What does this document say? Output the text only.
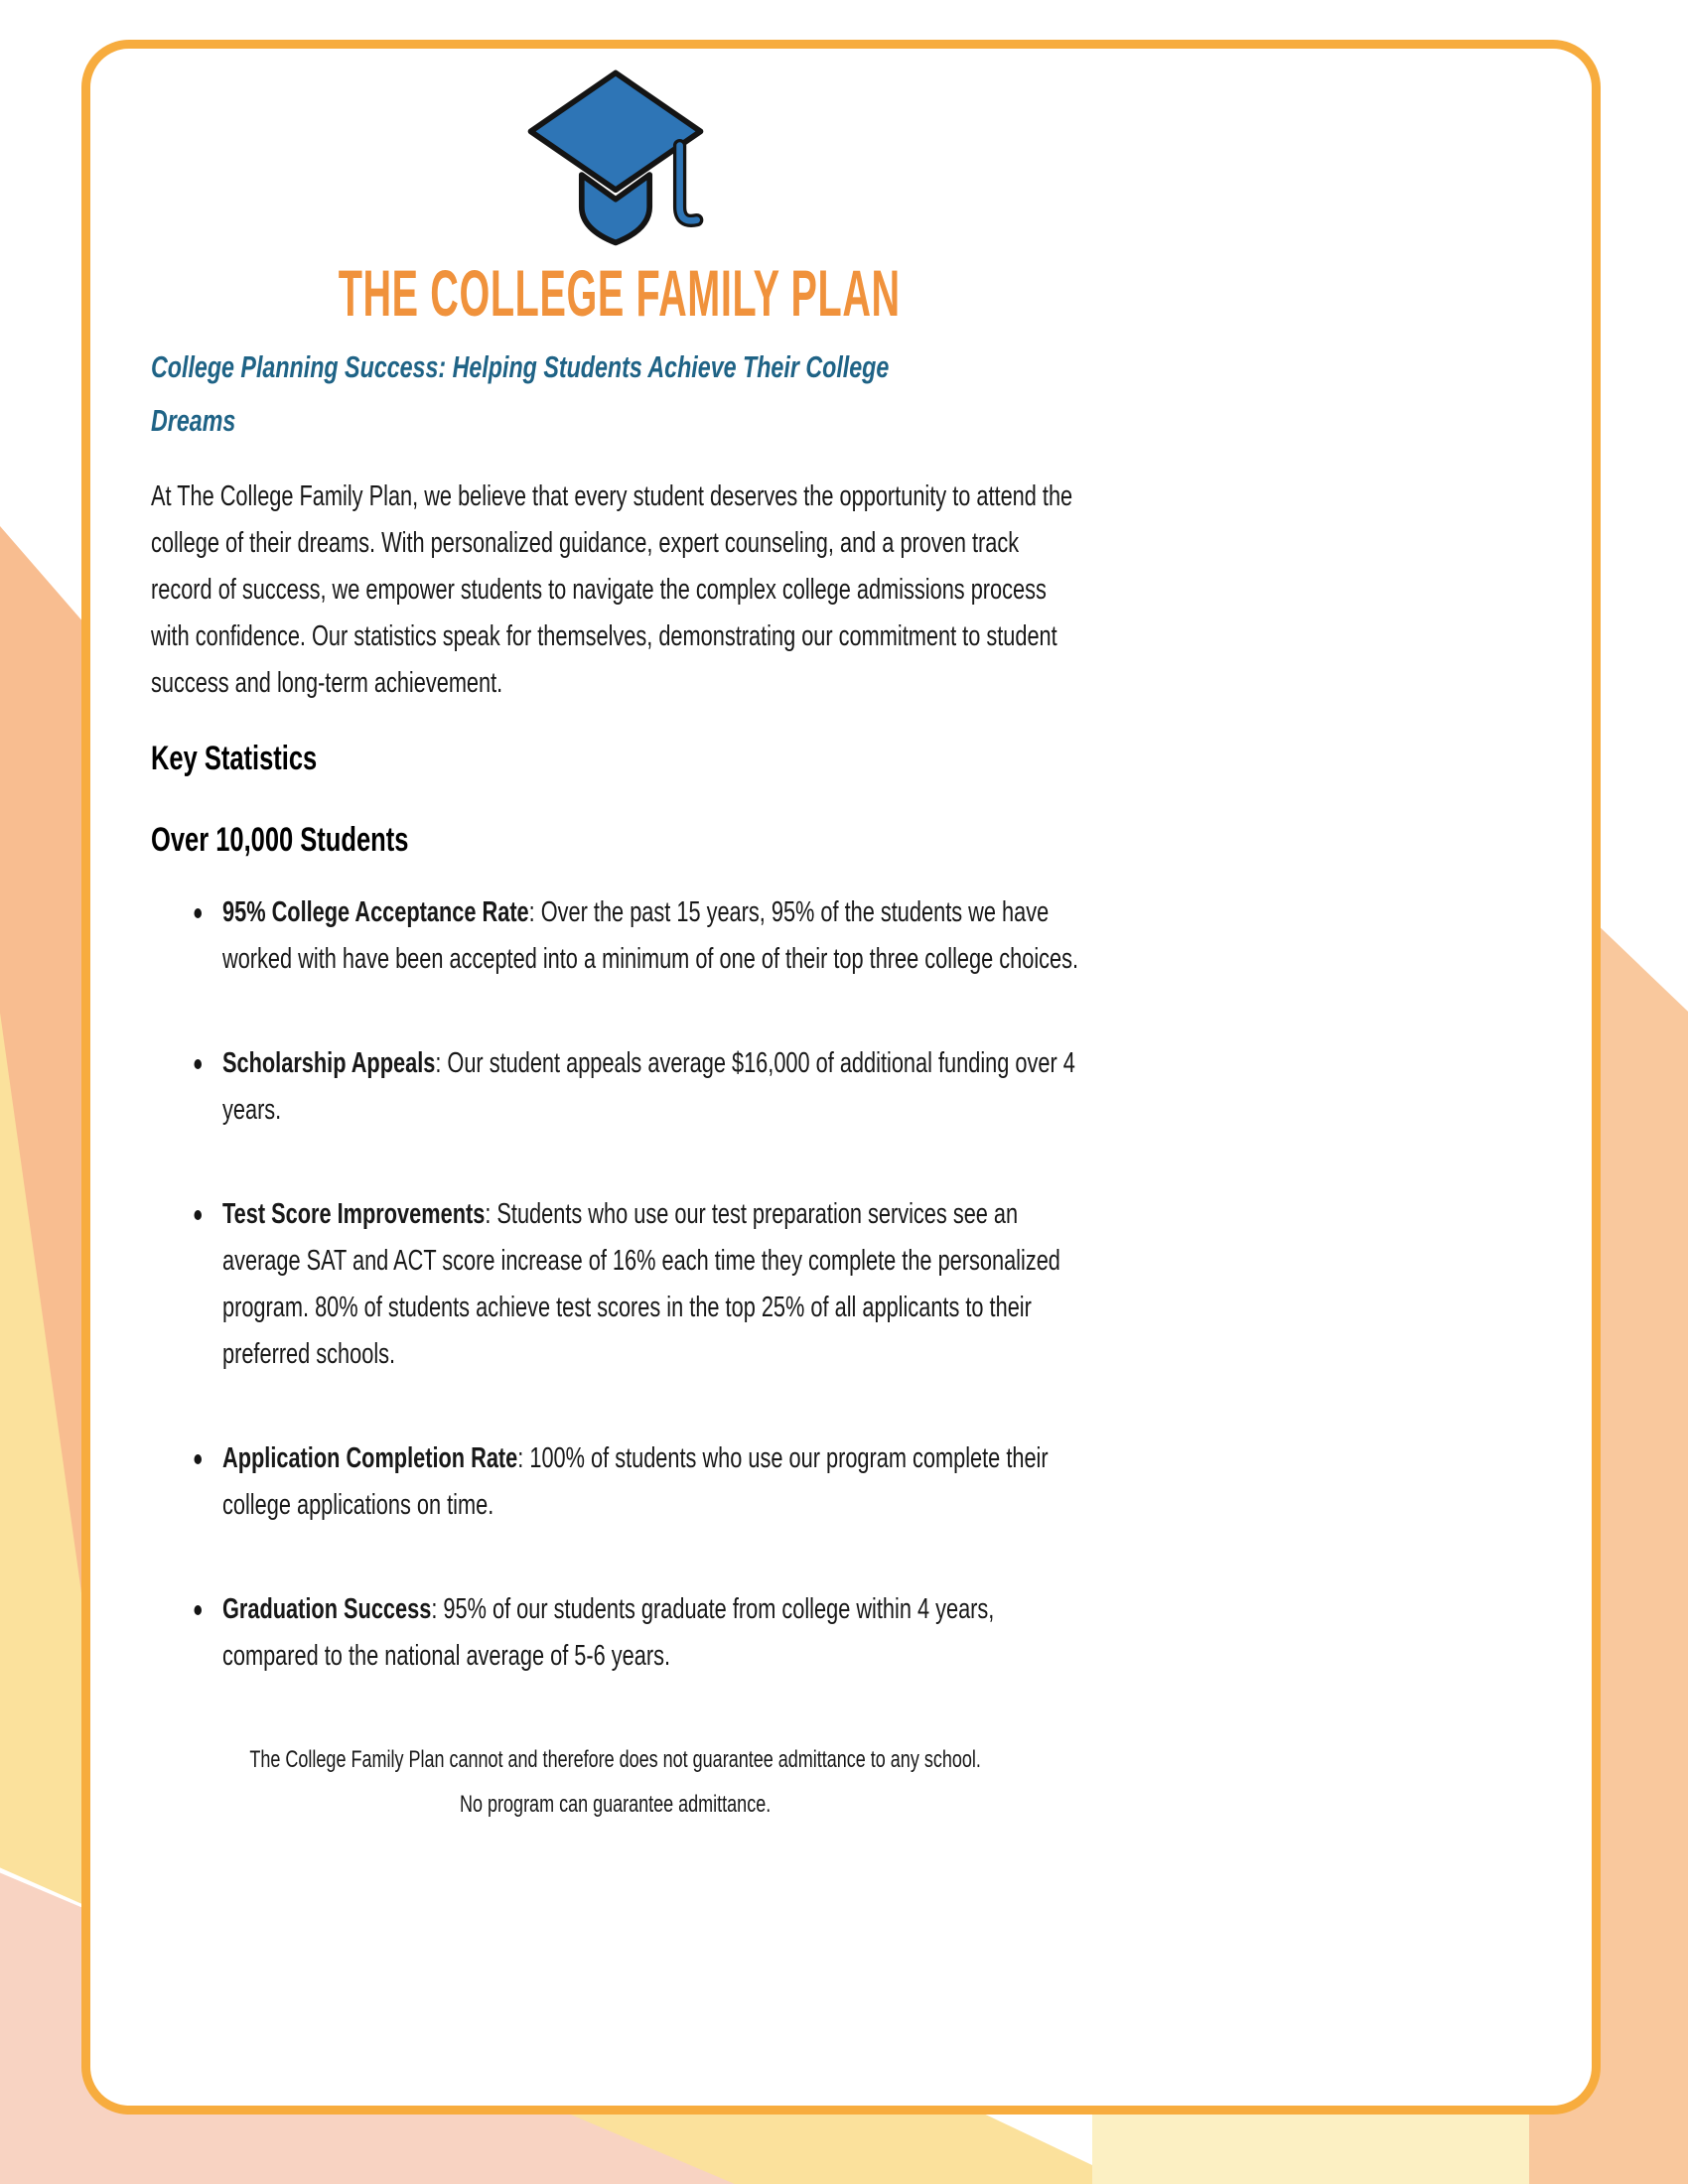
THE COLLEGE FAMILY PLAN
College Planning Success: Helping Students Achieve Their College
Dreams

At The College Family Plan, we believe that every student deserves the opportunity to attend the college of their dreams. With personalized guidance, expert counseling, and a proven track record of success, we empower students to navigate the complex college admissions process with confidence. Our statistics speak for themselves, demonstrating our commitment to student success and long-term achievement.

Key Statistics
Over 10,000 Students
95% College Acceptance Rate: Over the past 15 years, 95% of the students we have worked with have been accepted into a minimum of one of their top three college choices.
Scholarship Appeals: Our student appeals average $16,000 of additional funding over 4 years.
Test Score Improvements: Students who use our test preparation services see an average SAT and ACT score increase of 16% each time they complete the personalized program. 80% of students achieve test scores in the top 25% of all applicants to their preferred schools.
Application Completion Rate: 100% of students who use our program complete their college applications on time.
Graduation Success: 95% of our students graduate from college within 4 years, compared to the national average of 5-6 years.
The College Family Plan cannot and therefore does not guarantee admittance to any school.
No program can guarantee admittance.
